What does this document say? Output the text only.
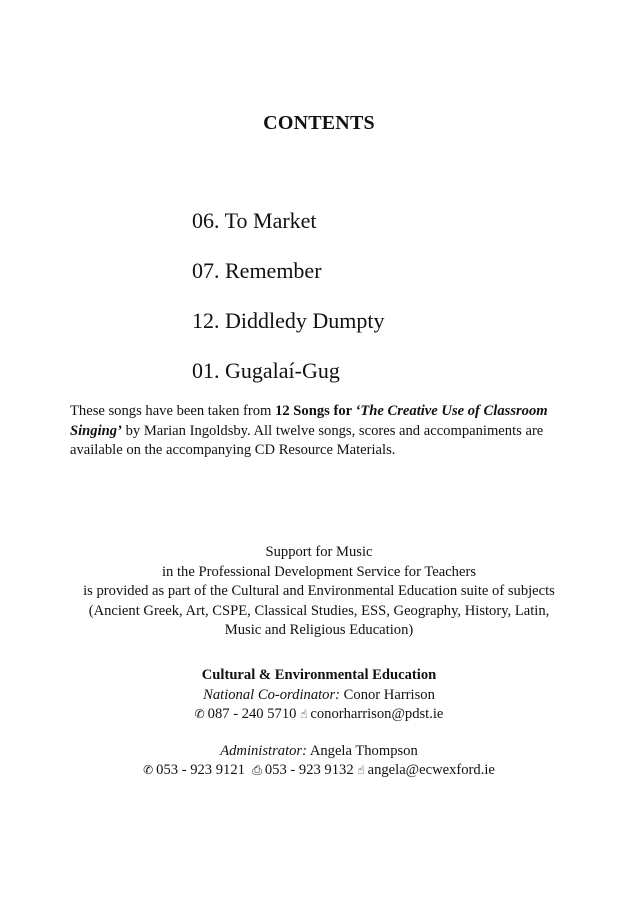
CONTENTS
06. To Market
07. Remember
12. Diddledy Dumpty
01. Gugalaí-Gug

These songs have been taken from 12 Songs for ‘The Creative Use of Classroom Singing’ by Marian Ingoldsby. All twelve songs, scores and accompaniments are available on the accompanying CD Resource Materials.

Support for Music
in the Professional Development Service for Teachers
is provided as part of the Cultural and Environmental Education suite of subjects
(Ancient Greek, Art, CSPE, Classical Studies, ESS, Geography, History, Latin,
Music and Religious Education)
Cultural & Environmental Education
National Co-ordinator: Conor Harrison
✆ 087 - 240 5710 ☝ conorharrison@pdst.ie
Administrator: Angela Thompson
✆ 053 - 923 9121 ⎙ 053 - 923 9132 ☝ angela@ecwexford.ie
